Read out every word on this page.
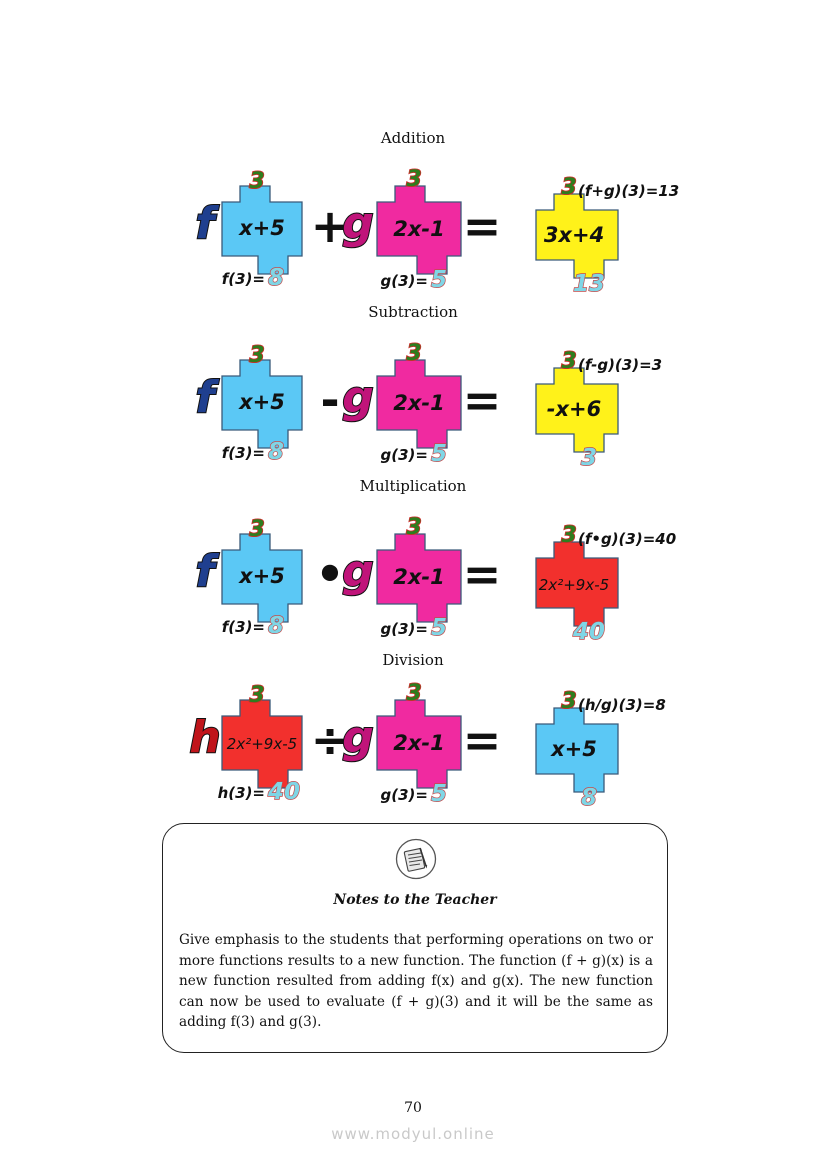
Addition
Subtraction
Multiplication
Division
f
3
x+5
f(3)= 8
+
g
3
2x-1
g(3)= 5
=
3 (f+g)(3)=13
3x+4
13
f
3
x+5
f(3)= 8
- g
3
2x-1
g(3)= 5
=
3 (f-g)(3)=3
-x+6
3
f
3
x+5
f(3)= 8
•
g
3
2x-1
g(3)= 5
=
3 (f•g)(3)=40
2x²+9x-5
40
h
3
2x²+9x-5
h(3)= 40
÷
g
3
2x-1
g(3)= 5
=
3 (h/g)(3)=8
x+5
8
Notes to the Teacher
Give emphasis to the students that performing operations on two or more functions results to a new function. The function (f + g)(x) is a new function resulted from adding f(x) and g(x). The new function can now be used to evaluate (f + g)(3) and it will be the same as adding f(3) and g(3).
70
www.modyul.online
